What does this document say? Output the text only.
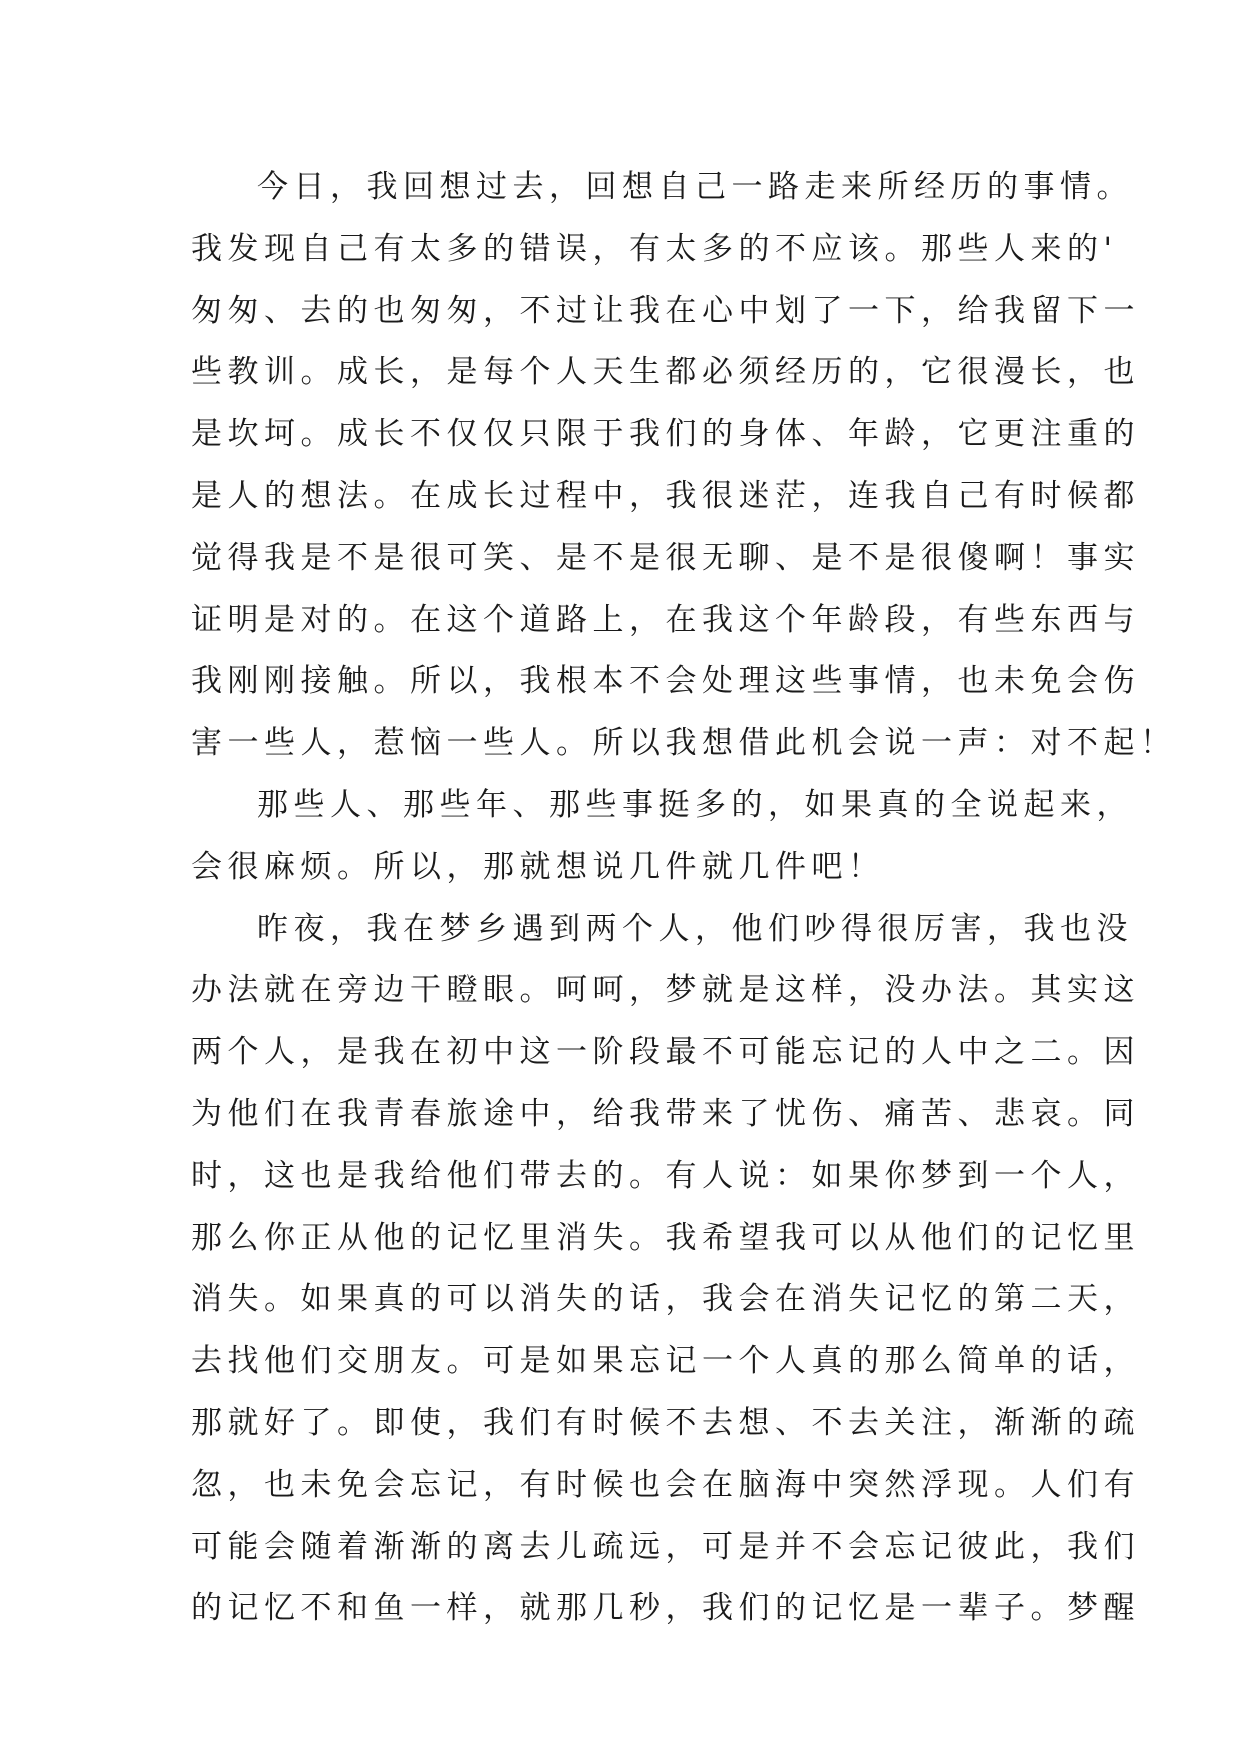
今日，我回想过去，回想自己一路走来所经历的事情。
我发现自己有太多的错误，有太多的不应该。那些人来的'
匆匆、去的也匆匆，不过让我在心中划了一下，给我留下一
些教训。成长，是每个人天生都必须经历的，它很漫长，也
是坎坷。成长不仅仅只限于我们的身体、年龄，它更注重的
是人的想法。在成长过程中，我很迷茫，连我自己有时候都
觉得我是不是很可笑、是不是很无聊、是不是很傻啊！事实
证明是对的。在这个道路上，在我这个年龄段，有些东西与
我刚刚接触。所以，我根本不会处理这些事情，也未免会伤
害一些人，惹恼一些人。所以我想借此机会说一声：对不起！
那些人、那些年、那些事挺多的，如果真的全说起来，
会很麻烦。所以，那就想说几件就几件吧！
昨夜，我在梦乡遇到两个人，他们吵得很厉害，我也没
办法就在旁边干瞪眼。呵呵，梦就是这样，没办法。其实这
两个人，是我在初中这一阶段最不可能忘记的人中之二。因
为他们在我青春旅途中，给我带来了忧伤、痛苦、悲哀。同
时，这也是我给他们带去的。有人说：如果你梦到一个人，
那么你正从他的记忆里消失。我希望我可以从他们的记忆里
消失。如果真的可以消失的话，我会在消失记忆的第二天，
去找他们交朋友。可是如果忘记一个人真的那么简单的话，
那就好了。即使，我们有时候不去想、不去关注，渐渐的疏
忽，也未免会忘记，有时候也会在脑海中突然浮现。人们有
可能会随着渐渐的离去儿疏远，可是并不会忘记彼此，我们
的记忆不和鱼一样，就那几秒，我们的记忆是一辈子。梦醒
